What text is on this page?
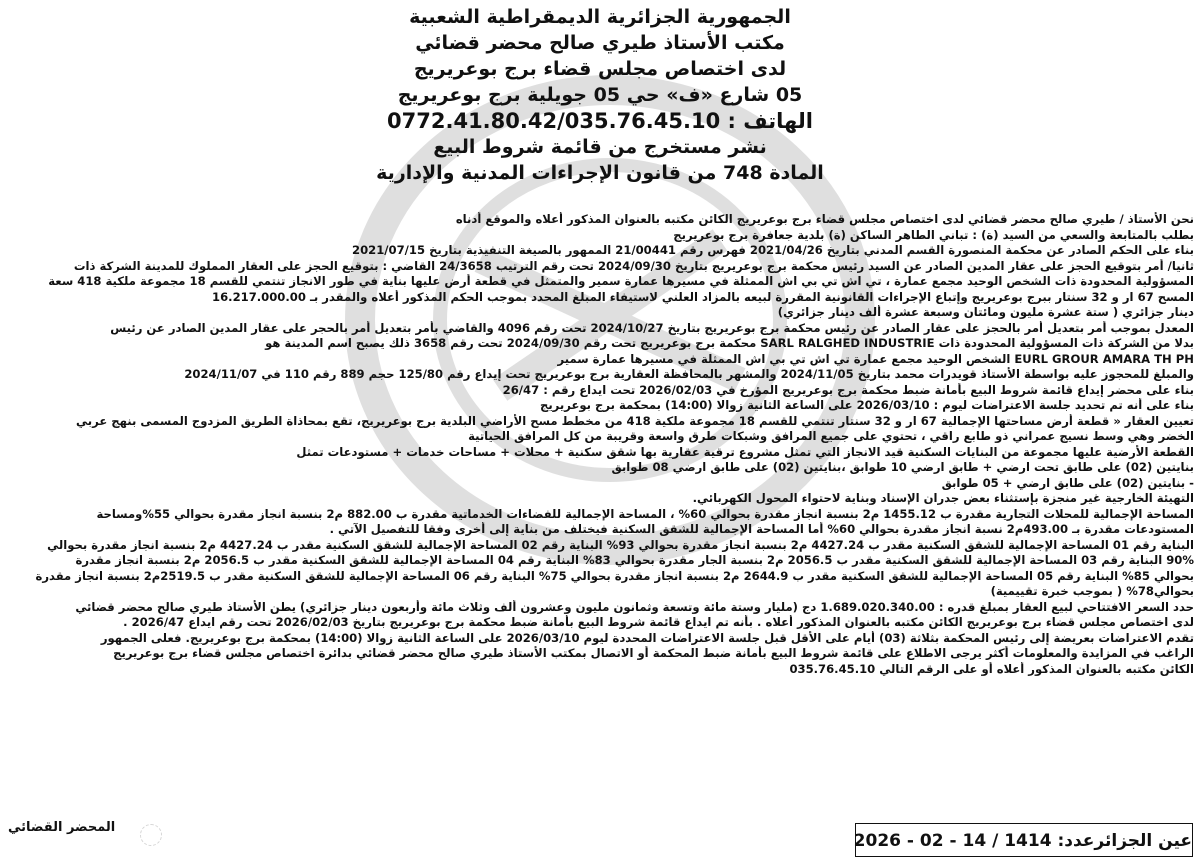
الجمهورية الجزائرية الديمقراطية الشعبية
مكتب الأستاذ طيري صالح محضر قضائي
لدى اختصاص مجلس قضاء برج بوعريريج
05 شارع «ف» حي 05 جويلية برج بوعريريج
الهاتف : 0772.41.80.42/035.76.45.10
نشر مستخرج من قائمة شروط البيع
المادة 748 من قانون الإجراءات المدنية والإدارية

نحن الأستاذ / طيري صالح محضر قضائي لدى اختصاص مجلس قضاء برج بوعريريج الكائن مكتبه بالعنوان المذكور أعلاه والموقع أدناه

بطلب بالمتابعة والسعي من السيد (ة) : تباني الطاهر الساكن (ة) بلدية جعافرة برج بوعريريج

بناء على الحكم الصادر عن محكمة المنصورة القسم المدني بتاريخ 2021/04/26 فهرس رقم 21/00441 الممهور بالصيغة التنفيذية بتاريخ 2021/07/15

ثانيا/ أمر بتوقيع الحجز على عقار المدين الصادر عن السيد رئيس محكمة برج بوعريريج بتاريخ 2024/09/30 تحت رقم الترتيب 24/3658 القاضي : بتوقيع الحجز على العقار المملوك للمدينة الشركة ذات

المسؤولية المحدودة ذات الشخص الوحيد مجمع عمارة ، تي اش تي بي اش الممثلة في مسيرها عمارة سمير والمتمثل في قطعة أرض عليها بناية في طور الانجاز تنتمي للقسم 18 مجموعة ملكية 418 سعة

المسح 67 ار و 32 سنتار ببرج بوعريريج وإتباع الإجراءات القانونية المقررة لبيعه بالمزاد العلني لاستيفاء المبلغ المحدد بموجب الحكم المذكور أعلاه والمقدر بـ 16.217.000.00

دينار جزائري ( ستة عشرة مليون ومائتان وسبعة عشرة ألف دينار جزائري)

المعدل بموجب أمر بتعديل أمر بالحجز على عقار الصادر عن رئيس محكمة برج بوعريريج بتاريخ 2024/10/27 تحت رقم 4096 والقاضي بأمر بتعديل أمر بالحجر على عقار المدين الصادر عن رئيس

بدلا من الشركة ذات المسؤولية المحدودة ذات SARL RALGHED INDUSTRIE محكمة برج بوعريريج تحت رقم 2024/09/30 تحت رقم 3658 ذلك يصبح اسم المدينة هو

EURL GROUR AMARA TH PH الشخص الوحيد مجمع عمارة تي اش تي بي اش الممثلة في مسيرها عمارة سمير

والمبلغ للمحجوز عليه بواسطة الأستاذ قويدرات محمد بتاريخ 2024/11/05 والمشهر بالمحافظة العقارية برج بوعريريج تحت إيداع رقم 125/80 حجم 889 رقم 110 في 2024/11/07

بناء على محضر إيداع قائمة شروط البيع بأمانة ضبط محكمة برج بوعريريج المؤرخ في 2026/02/03 تحت ايداع رقم : 26/47

بناء على أنه تم تحديد جلسة الاعتراضات ليوم : 2026/03/10 على الساعة الثانية زوالا (14:00) بمحكمة برج بوعريريج

تعيين العقار « قطعة أرض مساحتها الإجمالية 67 ار و 32 سنتار تنتمي للقسم 18 مجموعة ملكية 418 من مخطط مسح الأراضي البلدية برج بوعريريج، تقع بمحاذاة الطريق المزدوج المسمى بنهج عربي

الخضر وهي وسط نسيج عمراني ذو طابع راقي ، تحتوي على جميع المرافق وشبكات طرق واسعة وقريبة من كل المرافق الحياتية

القطعة الأرضية عليها مجموعة من البنايات السكنية قيد الانجاز التي تمثل مشروع ترقية عقارية بها شقق سكنية + محلات + مساحات خدمات + مستودعات تمثل

بنايتين (02) على طابق تحت ارضي + طابق ارضي 10 طوابق ،بنايتين (02) على طابق ارضي 08 طوابق

- بنايتين (02) على طابق ارضي + 05 طوابق

التهيئة الخارجية غير منجزة بإستثناء بعض جدران الإسناد وبناية لاحتواء المحول الكهربائي.

المساحة الإجمالية للمحلات التجارية مقدرة ب 1455.12 م2 بنسبة انجاز مقدرة بحوالي 60% ، المساحة الإجمالية للفضاءات الخدماتية مقدرة ب 882.00 م2 بنسبة انجاز مقدرة بحوالي 55%ومساحة

المستودعات مقدرة بـ 493.00م2 نسبة انجاز مقدرة بحوالي 60% أما المساحة الإجمالية للشقق السكنية فيختلف من بناية إلى أخرى وفقا للتفصيل الآتي .

البناية رقم 01 المساحة الإجمالية للشقق السكنية مقدر ب 4427.24 م2 بنسبة انجاز مقدرة بحوالي 93% البناية رقم 02 المساحة الإجمالية للشقق السكنية مقدر ب 4427.24 م2 بنسبة انجاز مقدرة بحوالي

90% البناية رقم 03 المساحة الإجمالية للشقق السكنية مقدر ب 2056.5 م2 بنسبة الجار مقدرة بحوالي 83% البناية رقم 04 المساحة الإجمالية للشقق السكنية مقدر ب 2056.5 م2 بنسبة انجاز مقدرة

بحوالي 85% البناية رقم 05 المساحة الإجمالية للشقق السكنية مقدر ب 2644.9 م2 بنسبة انجاز مقدرة بحوالي 75% البناية رقم 06 المساحة الإجمالية للشقق السكنية مقدر ب 2519.5م2 بنسبة انجاز مقدرة

بحوالي78% ( بموجب خبرة تقييمية)

حدد السعر الافتتاحي لبيع العقار بمبلغ قدره : 1.689.020.340.00 دج (مليار وستة مائة وتسعة وثمانون مليون وعشرون ألف وثلاث مائة وأربعون دينار جزائري) يطن الأستاذ طيري صالح محضر قضائي

لدى اختصاص مجلس قضاء برج بوعريريج الكائن مكتبه بالعنوان المذكور أعلاه . بأنه تم ايداع قائمة شروط البيع بأمانة ضبط محكمة برج بوعريريج بتاريخ 2026/02/03 تحت رقم ايداع 2026/47 .

تقدم الاعتراضات بعريضة إلى رئيس المحكمة بثلاثة (03) أيام على الأقل قبل جلسة الاعتراضات المحددة ليوم 2026/03/10 على الساعة الثانية زوالا (14:00) بمحكمة برج بوعريريج. فعلى الجمهور

الراغب في المزايدة والمعلومات أكثر يرجى الاطلاع على قائمة شروط البيع بأمانة ضبط المحكمة أو الاتصال بمكتب الأستاذ طيري صالح محضر قضائي بدائرة اختصاص مجلس قضاء برج بوعريريج

الكائن مكتبه بالعنوان المذكور أعلاه أو على الرقم التالي 035.76.45.10

المحضر القضائي
عين الجزائرعدد: 1414 / 14 - 02 - 2026
